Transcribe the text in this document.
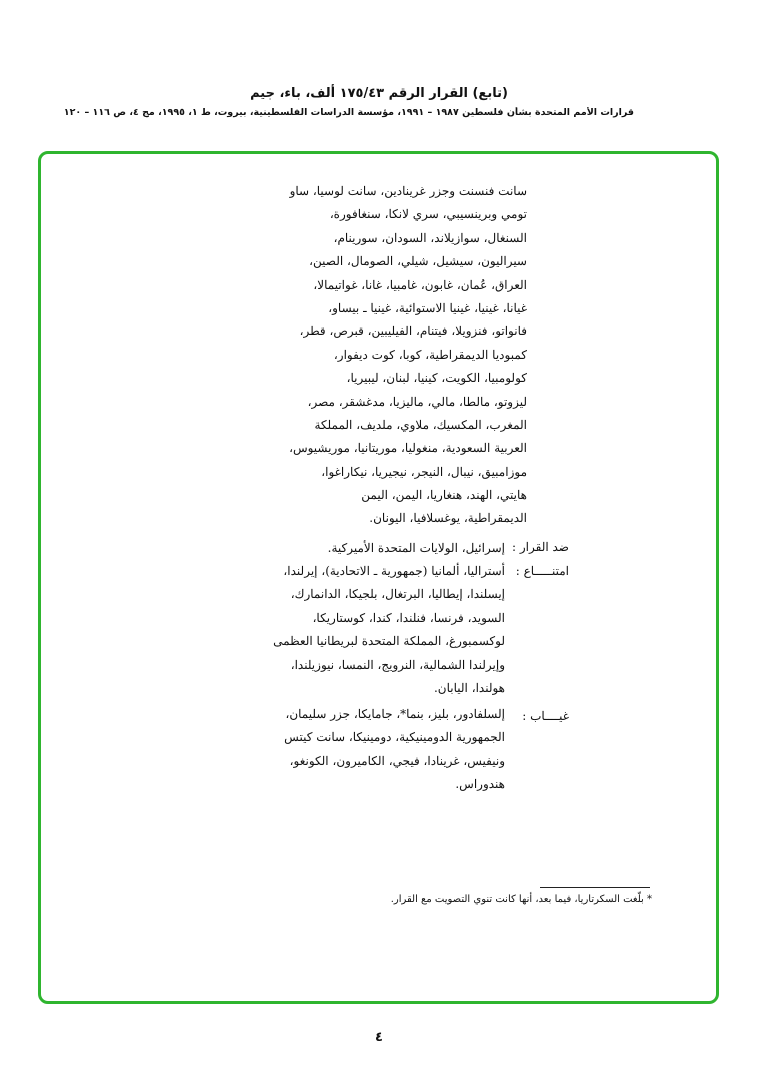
(تابع) القرار الرقم ١٧٥/٤٣ ألف، باء، جيم
قرارات الأمم المتحدة بشأن فلسطين ١٩٨٧ – ١٩٩١، مؤسسة الدراسات الفلسطينية، بيروت، ط ١، ١٩٩٥، مج ٤، ص ١١٦ – ١٢٠
سانت فنسنت وجزر غرينادين، سانت لوسيا، ساو
تومي وبرينسيبي، سري لانكا، سنغافورة،
السنغال، سوازيلاند، السودان، سورينام،
سيراليون، سيشيل، شيلي، الصومال، الصين،
العراق، عُمان، غابون، غامبيا، غانا، غواتيمالا،
غيانا، غينيا، غينيا الاستوائية، غينيا ـ بيساو،
فانواتو، فنزويلا، فيتنام، الفيليبين، قبرص، قطر،
كمبوديا الديمقراطية، كوبا، كوت ديفوار،
كولومبيا، الكويت، كينيا، لبنان، ليبيريا،
ليزوتو، مالطا، مالي، ماليزيا، مدغشقر، مصر،
المغرب، المكسيك، ملاوي، ملديف، المملكة
العربية السعودية، منغوليا، موريتانيا، موريشيوس،
موزامبيق، نيبال، النيجر، نيجيريا، نيكاراغوا،
هايتي، الهند، هنغاريا، اليمن، اليمن
الديمقراطية، يوغسلافيا، اليونان.
ضد القرار :
إسرائيل، الولايات المتحدة الأميركية.
امتنـــــاع :
أستراليا، ألمانيا (جمهورية ـ الاتحادية)، إيرلندا،
إيسلندا، إيطاليا، البرتغال، بلجيكا، الدانمارك،
السويد، فرنسا، فنلندا، كندا، كوستاريكا،
لوكسمبورغ، المملكة المتحدة لبريطانيا العظمى
وإيرلندا الشمالية، النرويج، النمسا، نيوزيلندا،
هولندا، اليابان.
غيــــاب :
إلسلفادور، بليز، بنما*، جامايكا، جزر سليمان،
الجمهورية الدومينيكية، دومينيكا، سانت كيتس
ونيفيس، غرينادا، فيجي، الكاميرون، الكونغو،
هندوراس.
* بلّغت السكرتاريا، فيما بعد، أنها كانت تنوي التصويت مع القرار.
٤
